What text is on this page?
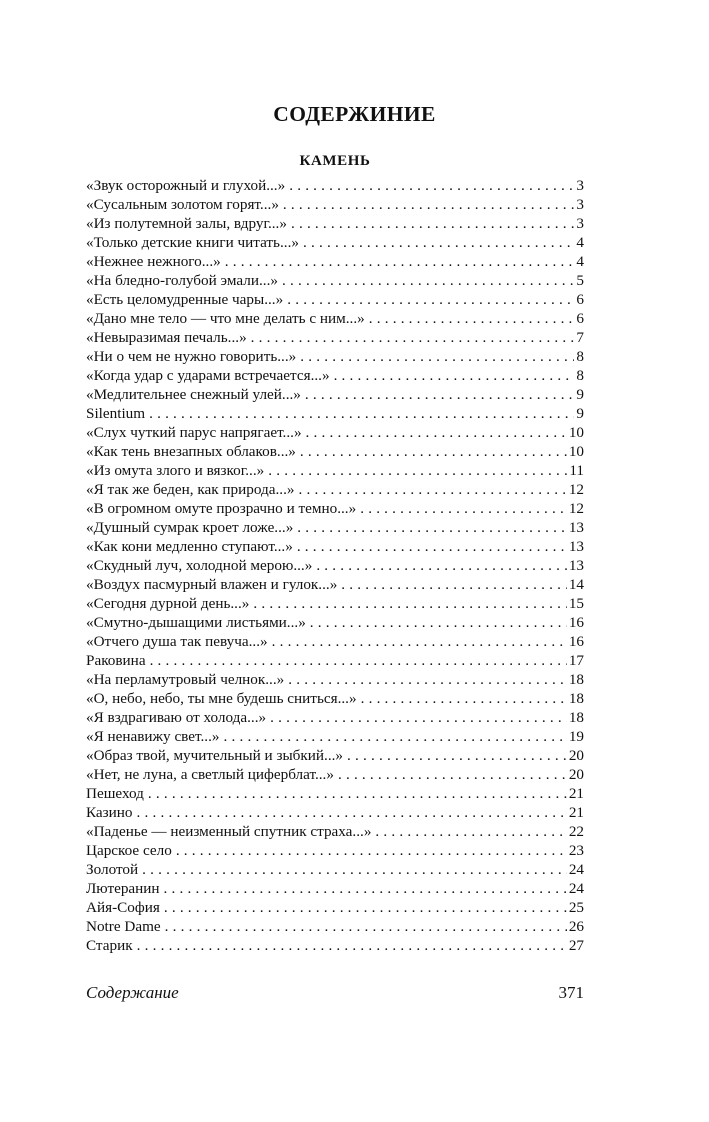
СОДЕРЖИНИЕ
КАМЕНЬ
«Звук осторожный и глухой...» . . .	3
«Сусальным золотом горят...» . . .	3
«Из полутемной залы, вдруг...» . . .	3
«Только детские книги читать...» . . .	4
«Нежнее нежного...» . . .	4
«На бледно-голубой эмали...» . . .	5
«Есть целомудренные чары...» . . .	6
«Дано мне тело — что мне делать с ним...» . . .	6
«Невыразимая печаль...» . . .	7
«Ни о чем не нужно говорить...» . . .	8
«Когда удар с ударами встречается...» . . .	8
«Медлительнее снежный улей...» . . .	9
Silentium . . .	9
«Слух чуткий парус напрягает...» . . .	10
«Как тень внезапных облаков...» . . .	10
«Из омута злого и вязког...» . . .	11
«Я так же беден, как природа...» . . .	12
«В огромном омуте прозрачно и темно...» . . .	12
«Душный сумрак кроет ложе...» . . .	13
«Как кони медленно ступают...» . . .	13
«Скудный луч, холодной мерою...» . . .	13
«Воздух пасмурный влажен и гулок...» . . .	14
«Сегодня дурной день...» . . .	15
«Смутно-дышащими листьями...» . . .	16
«Отчего душа так певуча...» . . .	16
Раковина . . .	17
«На перламутровый челнок...» . . .	18
«О, небо, небо, ты мне будешь сниться...» . . .	18
«Я вздрагиваю от холода...» . . .	18
«Я ненавижу свет...» . . .	19
«Образ твой, мучительный и зыбкий...» . . .	20
«Нет, не луна, а светлый циферблат...» . . .	20
Пешеход . . .	21
Казино . . .	21
«Паденье — неизменный спутник страха...» . . .	22
Царское село . . .	23
Золотой . . .	24
Лютеранин . . .	24
Айя-София . . .	25
Notre Dame . . .	26
Старик . . .	27
Содержание	371
